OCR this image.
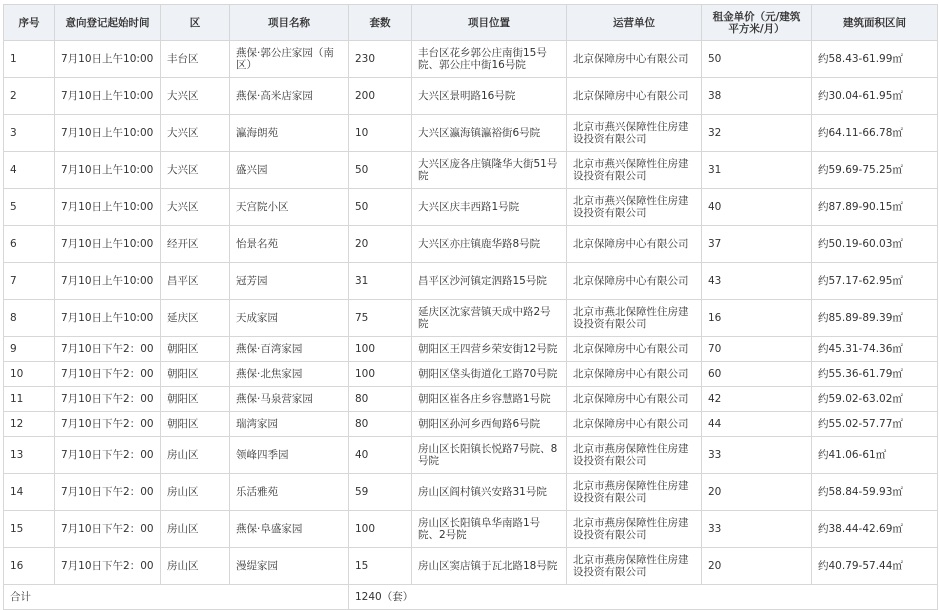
序号	意向登记起始时间	区	项目名称	套数	项目位置	运营单位	租金单价（元/建筑平方米/月）	建筑面积区间
1	7月10日上午10:00	丰台区	燕保·郭公庄家园（南区）	230	丰台区花乡郭公庄南街15号院、郭公庄中街16号院	北京保障房中心有限公司	50	约58.43-61.99㎡
2	7月10日上午10:00	大兴区	燕保·高米店家园	200	大兴区景明路16号院	北京保障房中心有限公司	38	约30.04-61.95㎡
3	7月10日上午10:00	大兴区	瀛海朗苑	10	大兴区瀛海镇瀛裕街6号院	北京市燕兴保障性住房建设投资有限公司	32	约64.11-66.78㎡
4	7月10日上午10:00	大兴区	盛兴园	50	大兴区庞各庄镇隆华大街51号院	北京市燕兴保障性住房建设投资有限公司	31	约59.69-75.25㎡
5	7月10日上午10:00	大兴区	天宫院小区	50	大兴区庆丰西路1号院	北京市燕兴保障性住房建设投资有限公司	40	约87.89-90.15㎡
6	7月10日上午10:00	经开区	怡景名苑	20	大兴区亦庄镇鹿华路8号院	北京保障房中心有限公司	37	约50.19-60.03㎡
7	7月10日上午10:00	昌平区	冠芳园	31	昌平区沙河镇定泗路15号院	北京保障房中心有限公司	43	约57.17-62.95㎡
8	7月10日上午10:00	延庆区	天成家园	75	延庆区沈家营镇天成中路2号院	北京市燕北保障性住房建设投资有限公司	16	约85.89-89.39㎡
9	7月10日下午2：00	朝阳区	燕保·百湾家园	100	朝阳区王四营乡荣安街12号院	北京保障房中心有限公司	70	约45.31-74.36㎡
10	7月10日下午2：00	朝阳区	燕保·北焦家园	100	朝阳区垡头街道化工路70号院	北京保障房中心有限公司	60	约55.36-61.79㎡
11	7月10日下午2：00	朝阳区	燕保·马泉营家园	80	朝阳区崔各庄乡容慧路1号院	北京保障房中心有限公司	42	约59.02-63.02㎡
12	7月10日下午2：00	朝阳区	瑞湾家园	80	朝阳区孙河乡西甸路6号院	北京保障房中心有限公司	44	约55.02-57.77㎡
13	7月10日下午2：00	房山区	领峰四季园	40	房山区长阳镇长悦路7号院、8号院	北京市燕房保障性住房建设投资有限公司	33	约41.06-61㎡
14	7月10日下午2：00	房山区	乐活雅苑	59	房山区阎村镇兴安路31号院	北京市燕房保障性住房建设投资有限公司	20	约58.84-59.93㎡
15	7月10日下午2：00	房山区	燕保·阜盛家园	100	房山区长阳镇阜华南路1号院、2号院	北京市燕房保障性住房建设投资有限公司	33	约38.44-42.69㎡
16	7月10日下午2：00	房山区	漫缇家园	15	房山区窦店镇于瓦北路18号院	北京市燕房保障性住房建设投资有限公司	20	约40.79-57.44㎡
合计				1240（套）				
